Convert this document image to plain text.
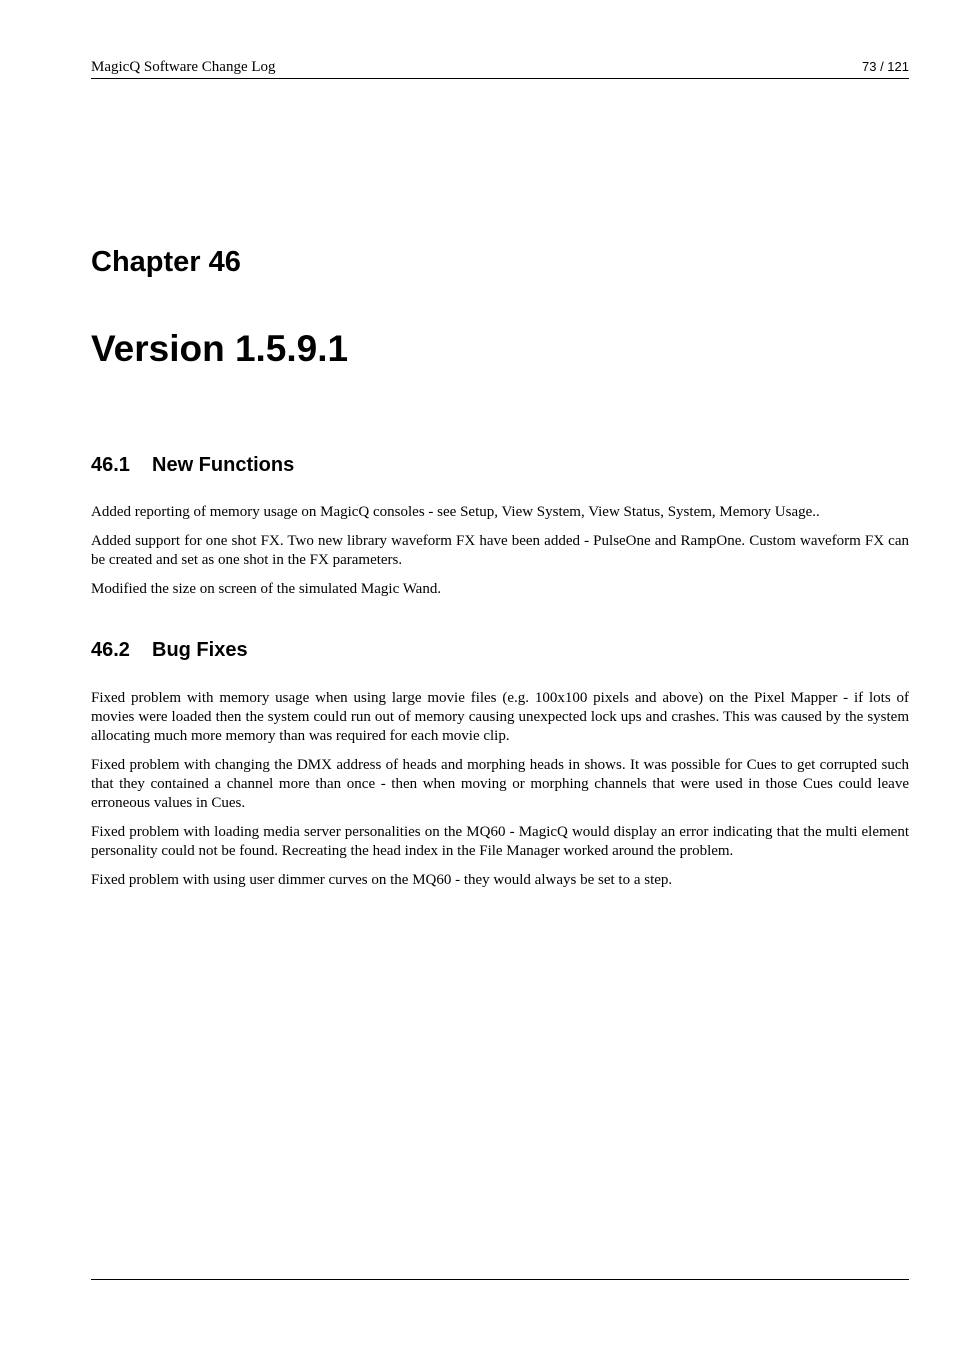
MagicQ Software Change Log	73 / 121
Chapter 46
Version 1.5.9.1
46.1 New Functions

Added reporting of memory usage on MagicQ consoles - see Setup, View System, View Status, System, Memory Usage..

Added support for one shot FX. Two new library waveform FX have been added - PulseOne and RampOne. Custom waveform FX can be created and set as one shot in the FX parameters.

Modified the size on screen of the simulated Magic Wand.

46.2 Bug Fixes

Fixed problem with memory usage when using large movie files (e.g. 100x100 pixels and above) on the Pixel Mapper - if lots of movies were loaded then the system could run out of memory causing unexpected lock ups and crashes. This was caused by the system allocating much more memory than was required for each movie clip.

Fixed problem with changing the DMX address of heads and morphing heads in shows. It was possible for Cues to get corrupted such that they contained a channel more than once - then when moving or morphing channels that were used in those Cues could leave erroneous values in Cues.

Fixed problem with loading media server personalities on the MQ60 - MagicQ would display an error indicating that the multi element personality could not be found. Recreating the head index in the File Manager worked around the problem.

Fixed problem with using user dimmer curves on the MQ60 - they would always be set to a step.
